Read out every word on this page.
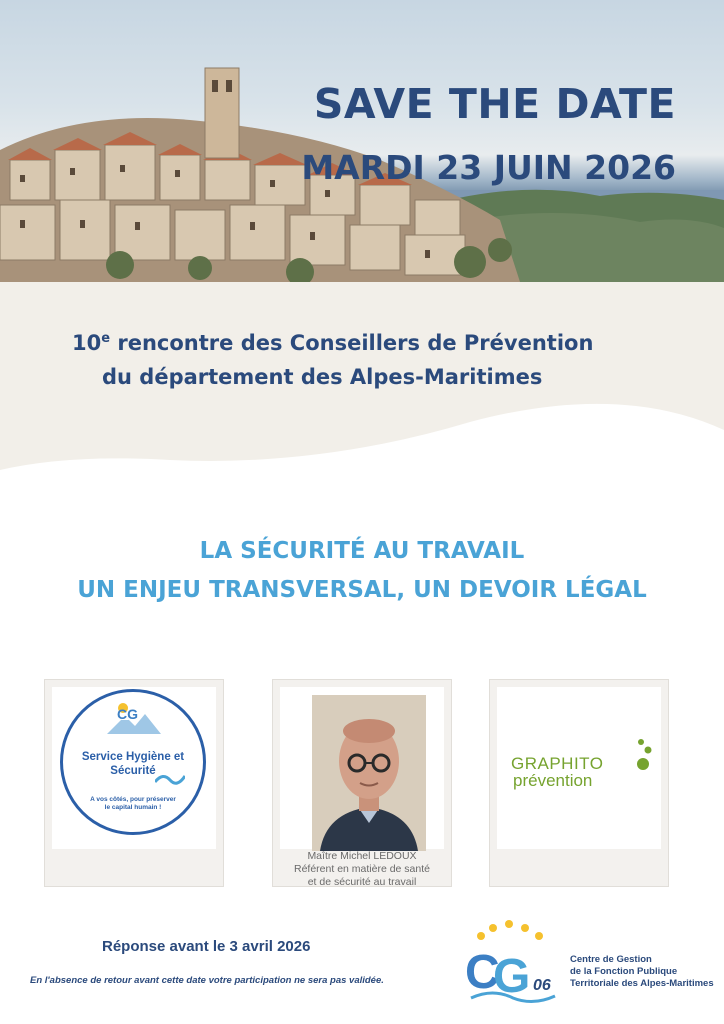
SAVE THE DATE
MARDI 23 JUIN 2026

10e rencontre des Conseillers de Prévention
du département des Alpes-Maritimes

LA SÉCURITÉ AU TRAVAIL
UN ENJEU TRANSVERSAL, UN DEVOIR LÉGAL
CG
Service Hygiène et
Sécurité
A vos côtés, pour préserver
le capital humain !
Maître Michel LEDOUX
Référent en matière de santé
et de sécurité au travail
GRAPHITO
prévention

Réponse avant le 3 avril 2026

En l'absence de retour avant cette date votre participation ne sera pas validée. C
G 06
Centre de Gestion
de la Fonction Publique
Territoriale des Alpes-Maritimes
